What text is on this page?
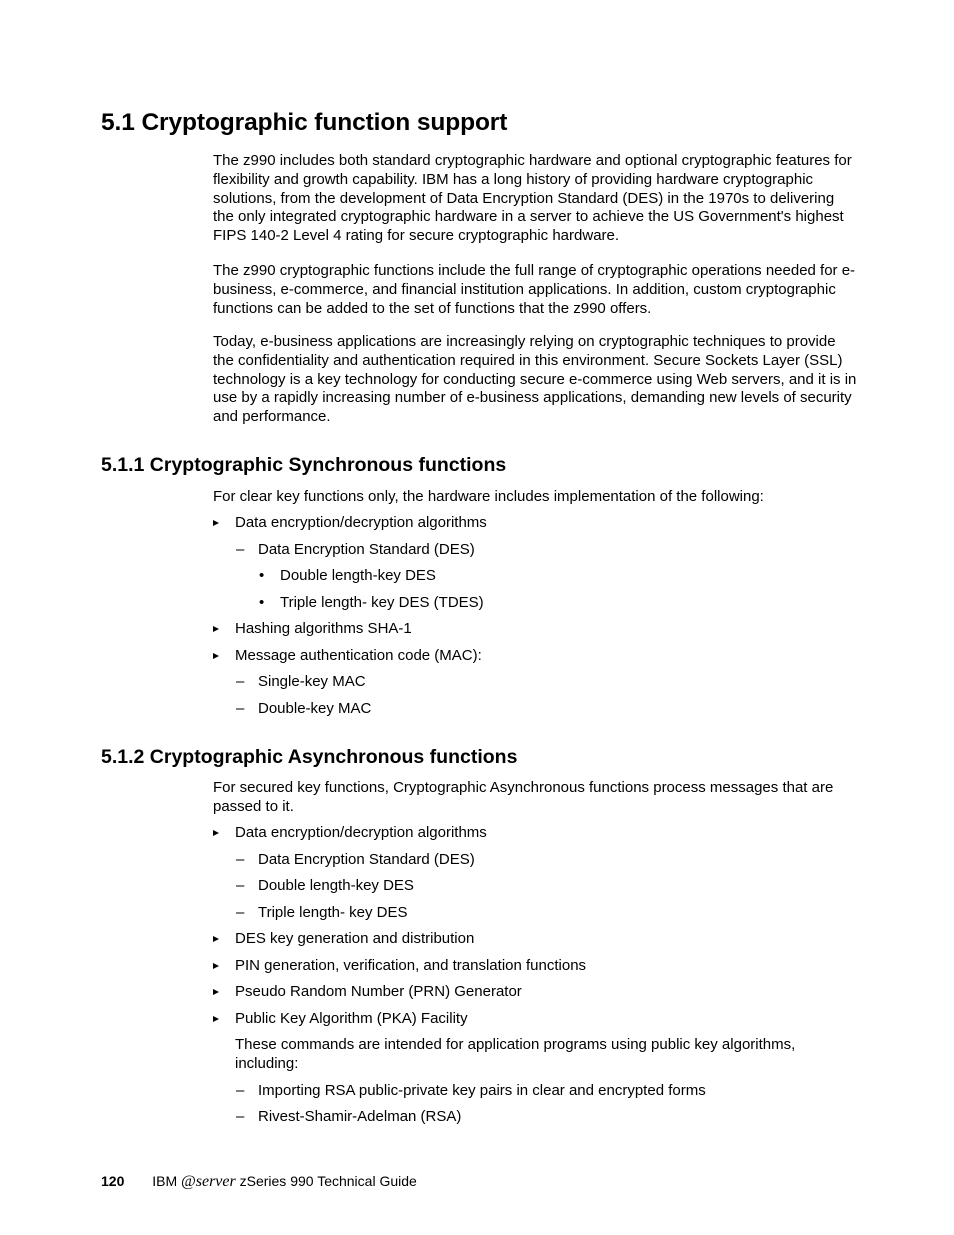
5.1 Cryptographic function support

The z990 includes both standard cryptographic hardware and optional cryptographic features for flexibility and growth capability. IBM has a long history of providing hardware cryptographic solutions, from the development of Data Encryption Standard (DES) in the 1970s to delivering the only integrated cryptographic hardware in a server to achieve the US Government's highest FIPS 140-2 Level 4 rating for secure cryptographic hardware.

The z990 cryptographic functions include the full range of cryptographic operations needed for e-business, e-commerce, and financial institution applications. In addition, custom cryptographic functions can be added to the set of functions that the z990 offers.

Today, e-business applications are increasingly relying on cryptographic techniques to provide the confidentiality and authentication required in this environment. Secure Sockets Layer (SSL) technology is a key technology for conducting secure e-commerce using Web servers, and it is in use by a rapidly increasing number of e-business applications, demanding new levels of security and performance.

5.1.1 Cryptographic Synchronous functions

For clear key functions only, the hardware includes implementation of the following:

Data encryption/decryption algorithms

– Data Encryption Standard (DES)

• Double length-key DES

• Triple length- key DES (TDES)

Hashing algorithms SHA-1

Message authentication code (MAC):

– Single-key MAC

– Double-key MAC

5.1.2 Cryptographic Asynchronous functions

For secured key functions, Cryptographic Asynchronous functions process messages that are passed to it.

Data encryption/decryption algorithms

– Data Encryption Standard (DES)

– Double length-key DES

– Triple length- key DES

DES key generation and distribution

PIN generation, verification, and translation functions

Pseudo Random Number (PRN) Generator

Public Key Algorithm (PKA) Facility

These commands are intended for application programs using public key algorithms, including:

– Importing RSA public-private key pairs in clear and encrypted forms

– Rivest-Shamir-Adelman (RSA)

120 IBM @server zSeries 990 Technical Guide
